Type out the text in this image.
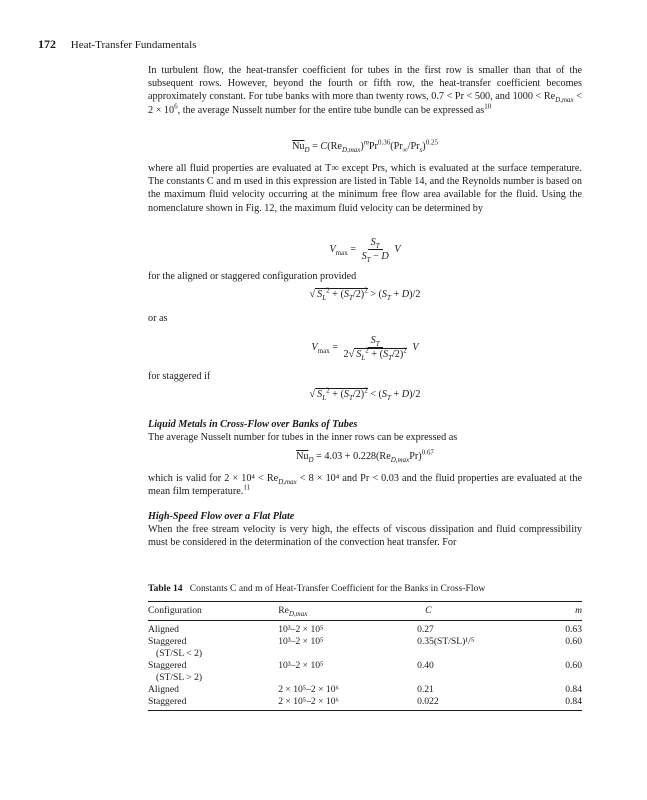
172 Heat-Transfer Fundamentals

In turbulent flow, the heat-transfer coefficient for tubes in the first row is smaller than that of the subsequent rows. However, beyond the fourth or fifth row, the heat-transfer coefficient becomes approximately constant. For tube banks with more than twenty rows, 0.7 < Pr < 500, and $1000 < Re_{D,max} < 2 \times 10^6$, the average Nusselt number for the entire tube bundle can be expressed $as^{10}$

$\overline{Nu}_D = C(Re_{D,max})^mPr^{0.36}(Pr_\infty/Pr_s)^{0.25}$

where all fluid properties are evaluated at T∞ except Prs, which is evaluated at the surface temperature. The constants C and m used in this expression are listed in Table 14, and the Reynolds number is based on the maximum fluid velocity occurring at the minimum free flow area available for the fluid. Using the nomenclature shown in Fig. 12, the maximum fluid velocity can be determined by

$V_{max} = \frac{S_T}{S_T - D}$ V

for the aligned or staggered configuration provided

√ $S_L^2 + (S_T/2)^2 > (S_T + D)/2$

or as

$V_{max} = \frac{S_T}{2√ S_L^2 + (S_T/2)^2}$ V

for staggered if

√ $S_L^2 + (S_T/2)^2 < (S_T + D)/2$

Liquid Metals in Cross-Flow over Banks of Tubes

The average Nusselt number for tubes in the inner rows can be expressed as

$\overline{Nu}_D = 4.03 + 0.228(Re_{D,max}Pr)^{0.67}$

which is valid for $2 \times 10^4 < Re_{D,max} < 8 \times 10^4$ and Pr < 0.03 and the fluid properties are evaluated at the mean film temperature.$^{11}$

High-Speed Flow over a Flat Plate

When the free stream velocity is very high, the effects of viscous dissipation and fluid compressibility must be considered in the determination of the convection heat transfer. For

Table 14 Constants C and m of Heat-Transfer Coefficient for the Banks in Cross-Flow
Configuration	$Re_{D,max}$	C	m
Aligned	10³–2 × 10⁵	0.27	0.63
Staggered	10³–2 × 10⁵	0.35(ST/SL)¹/⁵	0.60
(ST/SL < 2)			
Staggered	10³–2 × 10⁵	0.40	0.60
(ST/SL > 2)			
Aligned	2 × 10⁵–2 × 10⁶	0.21	0.84
Staggered	2 × 10⁵–2 × 10⁶	0.022	0.84
